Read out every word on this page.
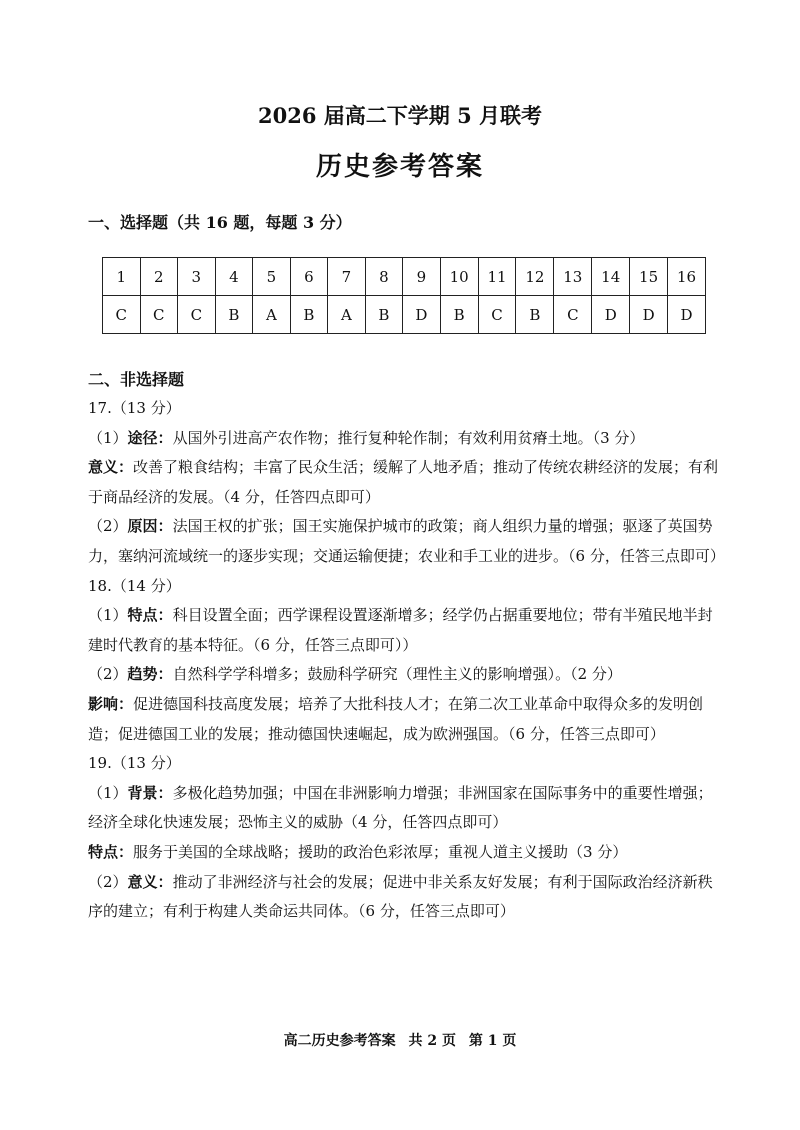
2026 届高二下学期 5 月联考
历史参考答案
一、选择题（共 16 题，每题 3 分）
1	2	3	4	5	6	7	8	9	10	11	12	13	14	15	16
C	C	C	B	A	B	A	B	D	B	C	B	C	D	D	D
二、非选择题

17.（13 分）

（1）途径：从国外引进高产农作物；推行复种轮作制；有效利用贫瘠土地。（3 分）

意义：改善了粮食结构；丰富了民众生活；缓解了人地矛盾；推动了传统农耕经济的发展；有利于商品经济的发展。（4 分，任答四点即可）

（2）原因：法国王权的扩张；国王实施保护城市的政策；商人组织力量的增强；驱逐了英国势力，塞纳河流域统一的逐步实现；交通运输便捷；农业和手工业的进步。（6 分，任答三点即可）

18.（14 分）

（1）特点：科目设置全面；西学课程设置逐渐增多；经学仍占据重要地位；带有半殖民地半封建时代教育的基本特征。（6 分，任答三点即可））

（2）趋势：自然科学学科增多；鼓励科学研究（理性主义的影响增强）。（2 分）

影响：促进德国科技高度发展；培养了大批科技人才；在第二次工业革命中取得众多的发明创造；促进德国工业的发展；推动德国快速崛起，成为欧洲强国。（6 分，任答三点即可）

19.（13 分）

（1）背景：多极化趋势加强；中国在非洲影响力增强；非洲国家在国际事务中的重要性增强；经济全球化快速发展；恐怖主义的威胁（4 分，任答四点即可）

特点：服务于美国的全球战略；援助的政治色彩浓厚；重视人道主义援助（3 分）

（2）意义：推动了非洲经济与社会的发展；促进中非关系友好发展；有利于国际政治经济新秩序的建立；有利于构建人类命运共同体。（6 分，任答三点即可）

高二历史参考答案 共 2 页 第 1 页
